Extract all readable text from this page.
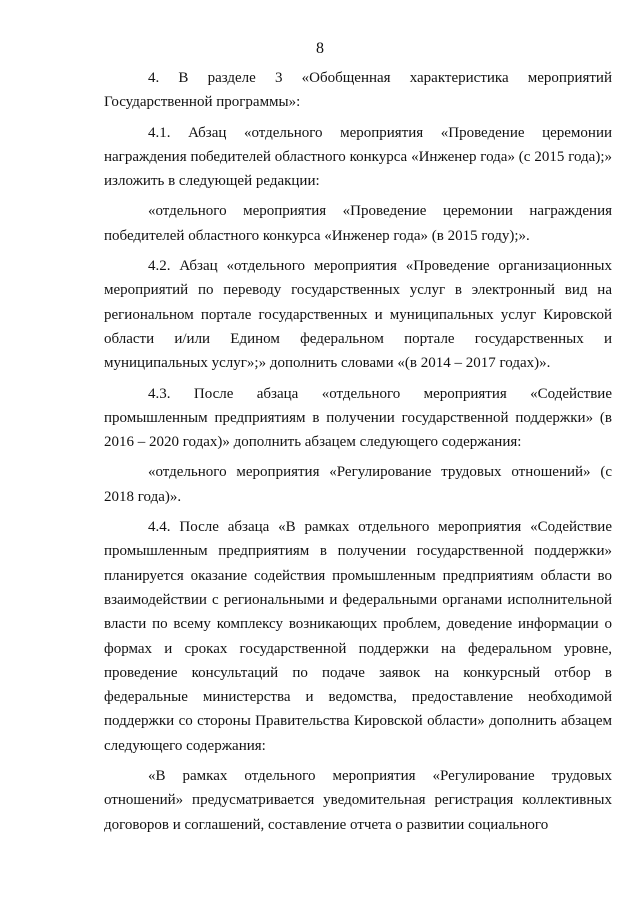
8

4. В разделе 3 «Обобщенная характеристика мероприятий Государственной программы»:

4.1. Абзац «отдельного мероприятия «Проведение церемонии награждения победителей областного конкурса «Инженер года» (с 2015 года);» изложить в следующей редакции:

«отдельного мероприятия «Проведение церемонии награждения победителей областного конкурса «Инженер года» (в 2015 году);».

4.2. Абзац «отдельного мероприятия «Проведение организационных мероприятий по переводу государственных услуг в электронный вид на региональном портале государственных и муниципальных услуг Кировской области и/или Едином федеральном портале государственных и муниципальных услуг»;» дополнить словами «(в 2014 – 2017 годах)».

4.3. После абзаца «отдельного мероприятия «Содействие промышленным предприятиям в получении государственной поддержки» (в 2016 – 2020 годах)» дополнить абзацем следующего содержания:

«отдельного мероприятия «Регулирование трудовых отношений» (с 2018 года)».

4.4. После абзаца «В рамках отдельного мероприятия «Содействие промышленным предприятиям в получении государственной поддержки» планируется оказание содействия промышленным предприятиям области во взаимодействии с региональными и федеральными органами исполнительной власти по всему комплексу возникающих проблем, доведение информации о формах и сроках государственной поддержки на федеральном уровне, проведение консультаций по подаче заявок на конкурсный отбор в федеральные министерства и ведомства, предоставление необходимой поддержки со стороны Правительства Кировской области» дополнить абзацем следующего содержания:

«В рамках отдельного мероприятия «Регулирование трудовых отношений» предусматривается уведомительная регистрация коллективных договоров и соглашений, составление отчета о развитии социального
